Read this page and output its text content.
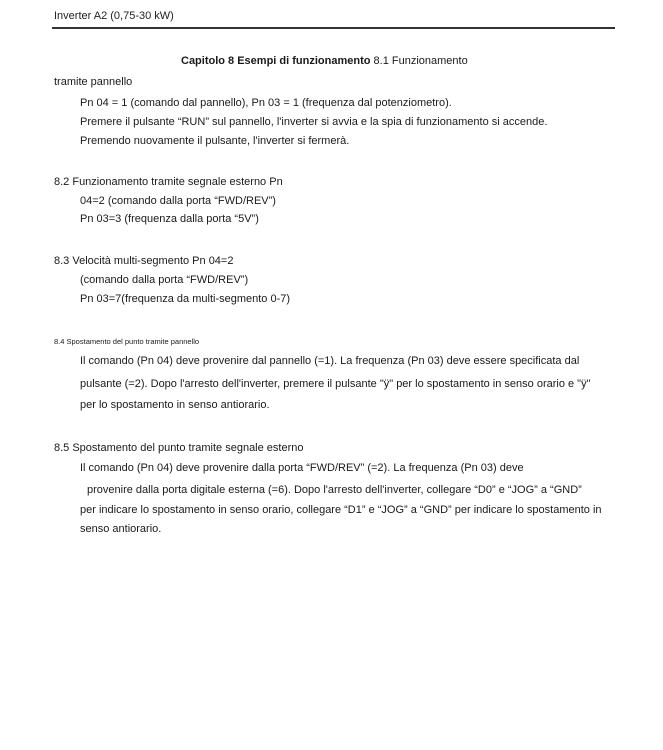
Inverter A2 (0,75-30 kW)
Capitolo 8 Esempi di funzionamento 8.1 Funzionamento
tramite pannello
Pn 04 = 1 (comando dal pannello), Pn 03 = 1 (frequenza dal potenziometro).
Premere il pulsante “RUN” sul pannello, l'inverter si avvia e la spia di funzionamento si accende.
Premendo nuovamente il pulsante, l'inverter si fermerà.
8.2 Funzionamento tramite segnale esterno Pn
04=2 (comando dalla porta “FWD/REV”)
Pn 03=3 (frequenza dalla porta “5V”)
8.3 Velocità multi-segmento Pn 04=2
(comando dalla porta “FWD/REV”)
Pn 03=7(frequenza da multi-segmento 0-7)
8.4 Spostamento del punto tramite pannello
Il comando (Pn 04) deve provenire dal pannello (=1). La frequenza (Pn 03) deve essere specificata dal
pulsante (=2). Dopo l'arresto dell'inverter, premere il pulsante "ÿ" per lo spostamento in senso orario e "ÿ"
per lo spostamento in senso antiorario.
8.5 Spostamento del punto tramite segnale esterno
Il comando (Pn 04) deve provenire dalla porta “FWD/REV” (=2). La frequenza (Pn 03) deve
provenire dalla porta digitale esterna (=6). Dopo l'arresto dell'inverter, collegare “D0” e “JOG” a “GND”
per indicare lo spostamento in senso orario, collegare “D1” e “JOG” a “GND” per indicare lo spostamento in
senso antiorario.
